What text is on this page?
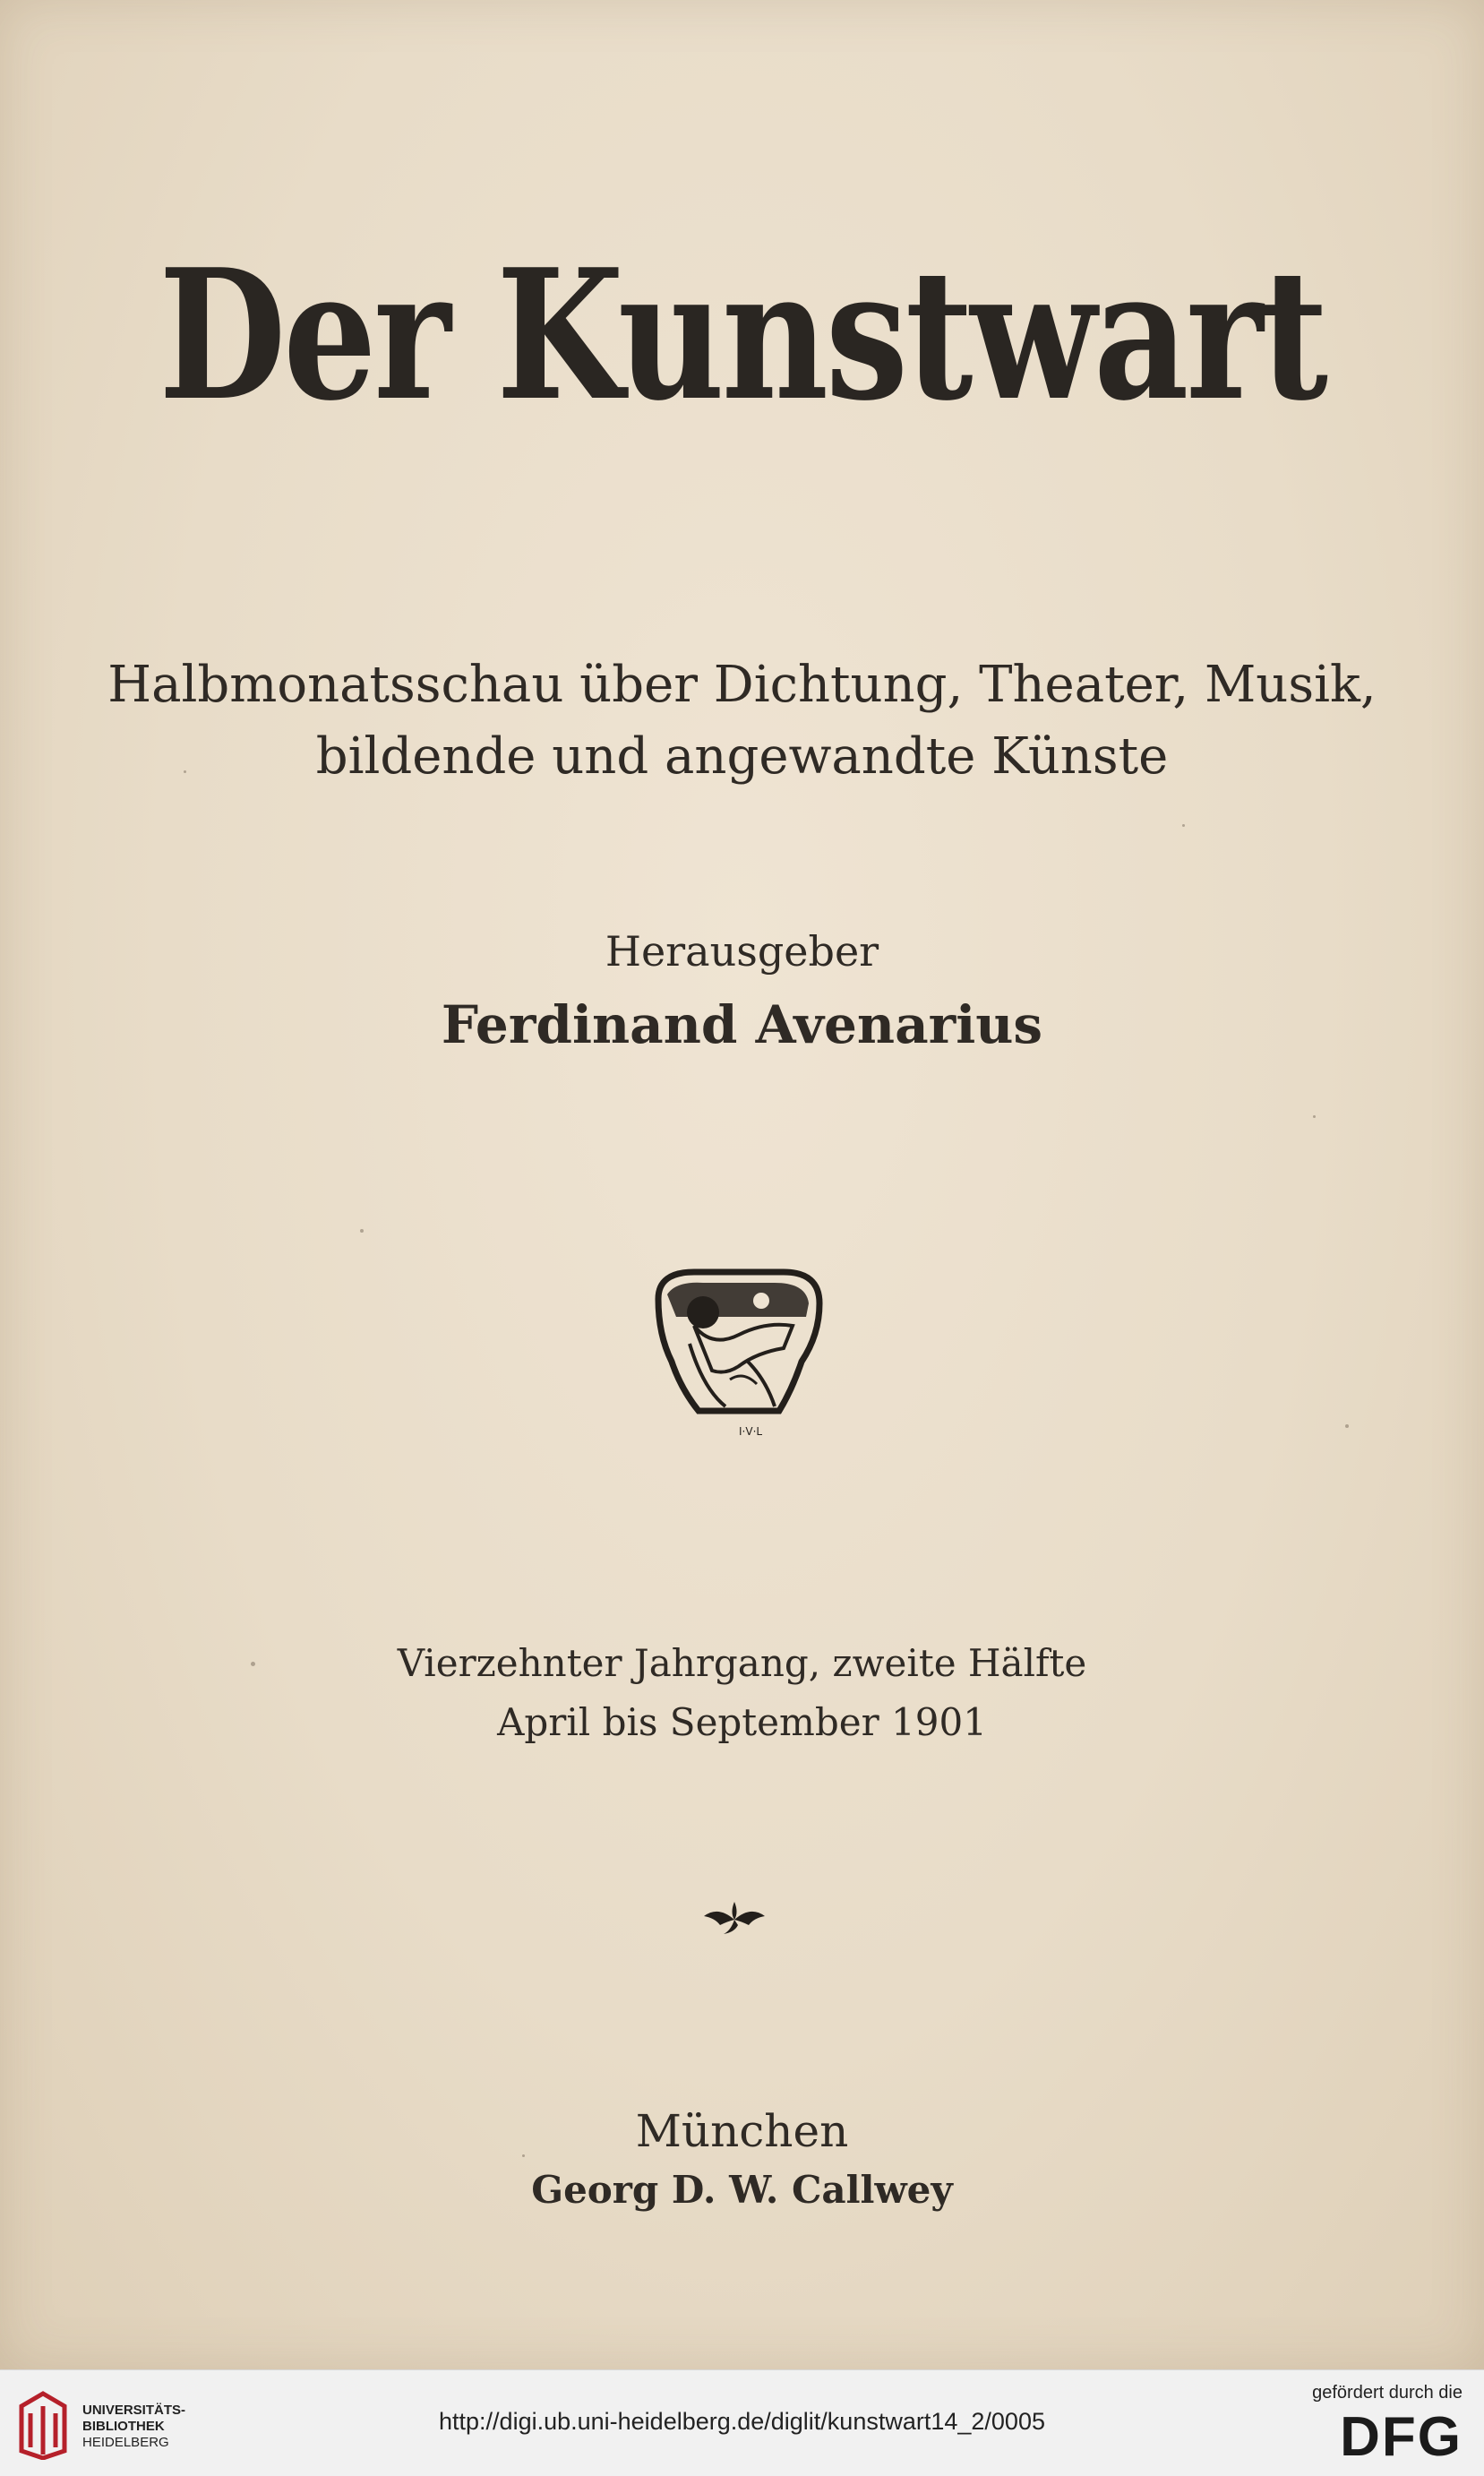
Der Kunstwart
Halbmonatsschau über Dichtung, Theater, Musik,
bildende und angewandte Künste
Herausgeber
Ferdinand Avenarius
I·V·L
Vierzehnter Jahrgang, zweite Hälfte
April bis September 1901
München
Georg D. W. Callwey
UNIVERSITÄTS-
BIBLIOTHEK
HEIDELBERG
http://digi.ub.uni-heidelberg.de/diglit/kunstwart14_2/0005
gefördert durch die
DFG
